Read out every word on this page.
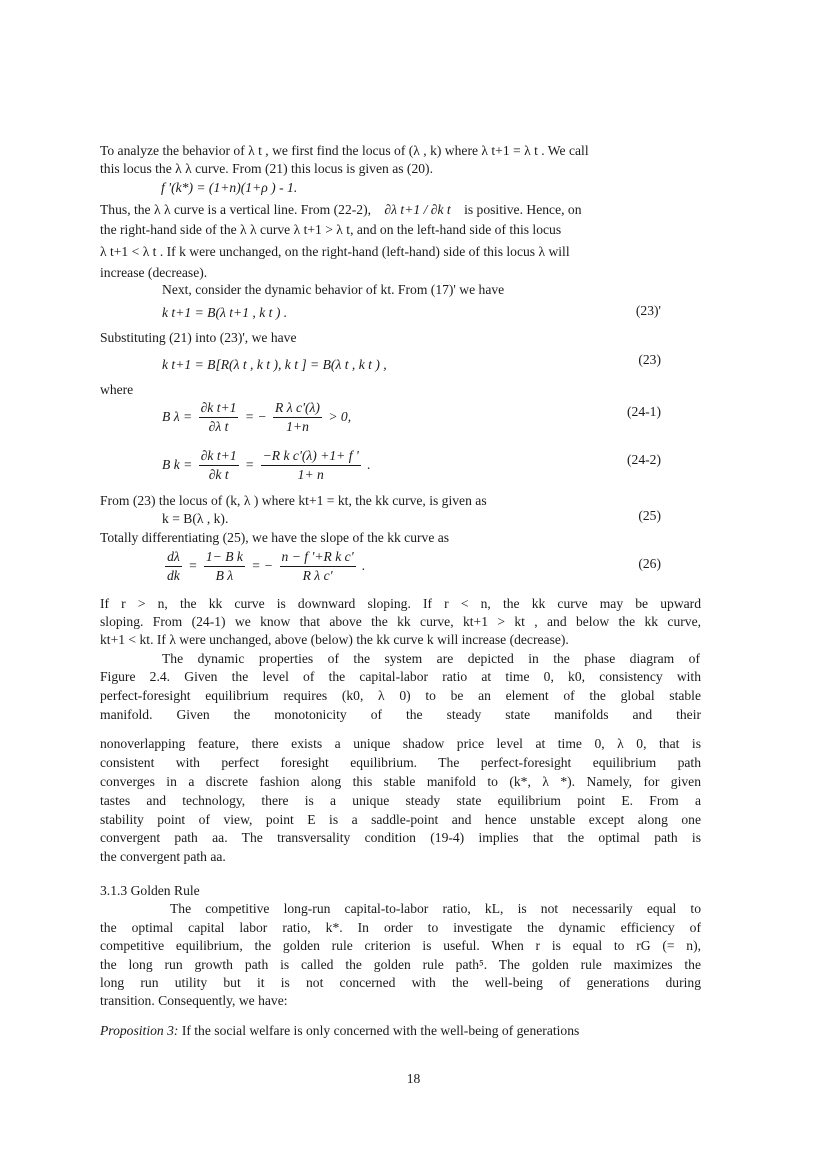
To analyze the behavior of λ t , we first find the locus of (λ , k) where λ t+1 = λ t . We call
this locus the λ λ curve. From (21) this locus is given as (20).
f '(k*) = (1+n)(1+ρ ) - 1.
Thus, the λ λ curve is a vertical line. From (22-2), ∂λ t+1 / ∂k t is positive. Hence, on
the right-hand side of the λ λ curve λ t+1 > λ t, and on the left-hand side of this locus
λ t+1 < λ t . If k were unchanged, on the right-hand (left-hand) side of this locus λ will
increase (decrease).
Next, consider the dynamic behavior of kt. From (17)' we have
k t+1 = B(λ t+1 , k t ) .	(23)'
Substituting (21) into (23)', we have
k t+1 = B[R(λ t , k t ), k t ] = B(λ t , k t ) ,	(23)
where
B $\lambda = \frac{\text{∂k t+1}}{\text{∂λ t}}$ = − $\frac{\text{R λ c'(λ)}}{1+n} > 0$,	(24-1)
B $k = \frac{\text{∂k t+1}}{\text{∂k t}} = \frac{\text{−R k c'(λ) +1+ f '}}{1+ n}$ .	(24-2)
From (23) the locus of (k, λ ) where kt+1 = kt, the kk curve, is given as
k = B(λ , k).	(25)
Totally differentiating (25), we have the slope of the kk curve as
$\frac{d\lambda}{dk} = \frac{\text{1− B k}}{\text{B λ}}$ = − $\frac{\text{n − f '+R k c'}}{\text{R λ c'}}$ .	(26)
If r > n, the kk curve is downward sloping. If r < n, the kk curve may be upward
sloping. From (24-1) we know that above the kk curve, kt+1 > kt , and below the kk curve,
kt+1 < kt. If λ were unchanged, above (below) the kk curve k will increase (decrease).
The dynamic properties of the system are depicted in the phase diagram of
Figure 2.4. Given the level of the capital-labor ratio at time 0, k0, consistency with
perfect-foresight equilibrium requires (k0, λ 0) to be an element of the global stable
manifold. Given the monotonicity of the steady state manifolds and their
nonoverlapping feature, there exists a unique shadow price level at time 0, λ 0, that is
consistent with perfect foresight equilibrium. The perfect-foresight equilibrium path
converges in a discrete fashion along this stable manifold to (k*, λ *). Namely, for given
tastes and technology, there is a unique steady state equilibrium point E. From a
stability point of view, point E is a saddle-point and hence unstable except along one
convergent path aa. The transversality condition (19-4) implies that the optimal path is
the convergent path aa.
3.1.3 Golden Rule
The competitive long-run capital-to-labor ratio, kL, is not necessarily equal to
the optimal capital labor ratio, k*. In order to investigate the dynamic efficiency of
competitive equilibrium, the golden rule criterion is useful. When r is equal to rG (= n),
the long run growth path is called the golden rule path⁵. The golden rule maximizes the
long run utility but it is not concerned with the well-being of generations during
transition. Consequently, we have:
Proposition 3: If the social welfare is only concerned with the well-being of generations
18
